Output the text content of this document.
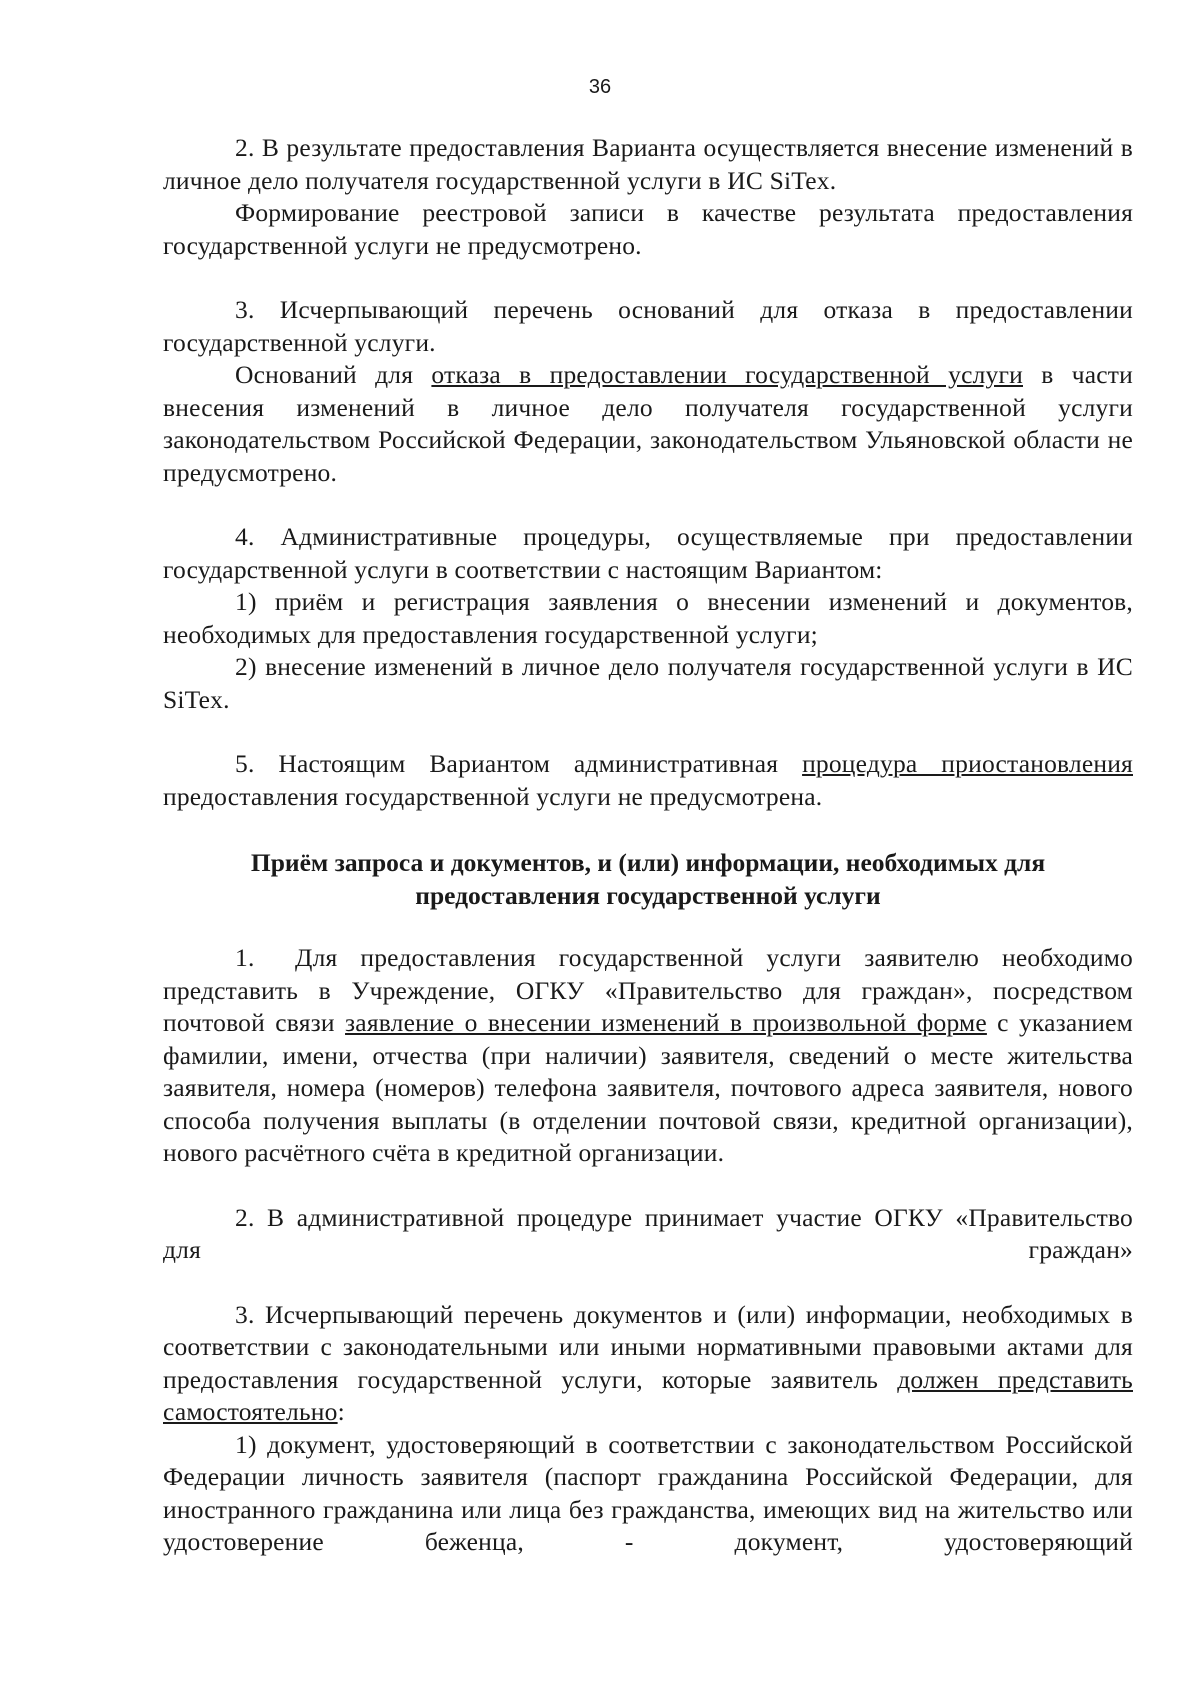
36

2. В результате предоставления Варианта осуществляется внесение изменений в личное дело получателя государственной услуги в ИС SiTex.

Формирование реестровой записи в качестве результата предоставления государственной услуги не предусмотрено.

3. Исчерпывающий перечень оснований для отказа в предоставлении государственной услуги.

Оснований для отказа в предоставлении государственной услуги в части внесения изменений в личное дело получателя государственной услуги законодательством Российской Федерации, законодательством Ульяновской области не предусмотрено.

4. Административные процедуры, осуществляемые при предоставлении государственной услуги в соответствии с настоящим Вариантом:

1) приём и регистрация заявления о внесении изменений и документов, необходимых для предоставления государственной услуги;

2) внесение изменений в личное дело получателя государственной услуги в ИС SiTex.

5. Настоящим Вариантом административная процедура приостановления предоставления государственной услуги не предусмотрена.

Приём запроса и документов, и (или) информации, необходимых для предоставления государственной услуги

1. Для предоставления государственной услуги заявителю необходимо представить в Учреждение, ОГКУ «Правительство для граждан», посредством почтовой связи заявление о внесении изменений в произвольной форме с указанием фамилии, имени, отчества (при наличии) заявителя, сведений о месте жительства заявителя, номера (номеров) телефона заявителя, почтового адреса заявителя, нового способа получения выплаты (в отделении почтовой связи, кредитной организации), нового расчётного счёта в кредитной организации.

2. В административной процедуре принимает участие ОГКУ «Правительство для граждан»

3. Исчерпывающий перечень документов и (или) информации, необходимых в соответствии с законодательными или иными нормативными правовыми актами для предоставления государственной услуги, которые заявитель должен представить самостоятельно:

1) документ, удостоверяющий в соответствии с законодательством Российской Федерации личность заявителя (паспорт гражданина Российской Федерации, для иностранного гражданина или лица без гражданства, имеющих вид на жительство или удостоверение беженца, - документ, удостоверяющий
